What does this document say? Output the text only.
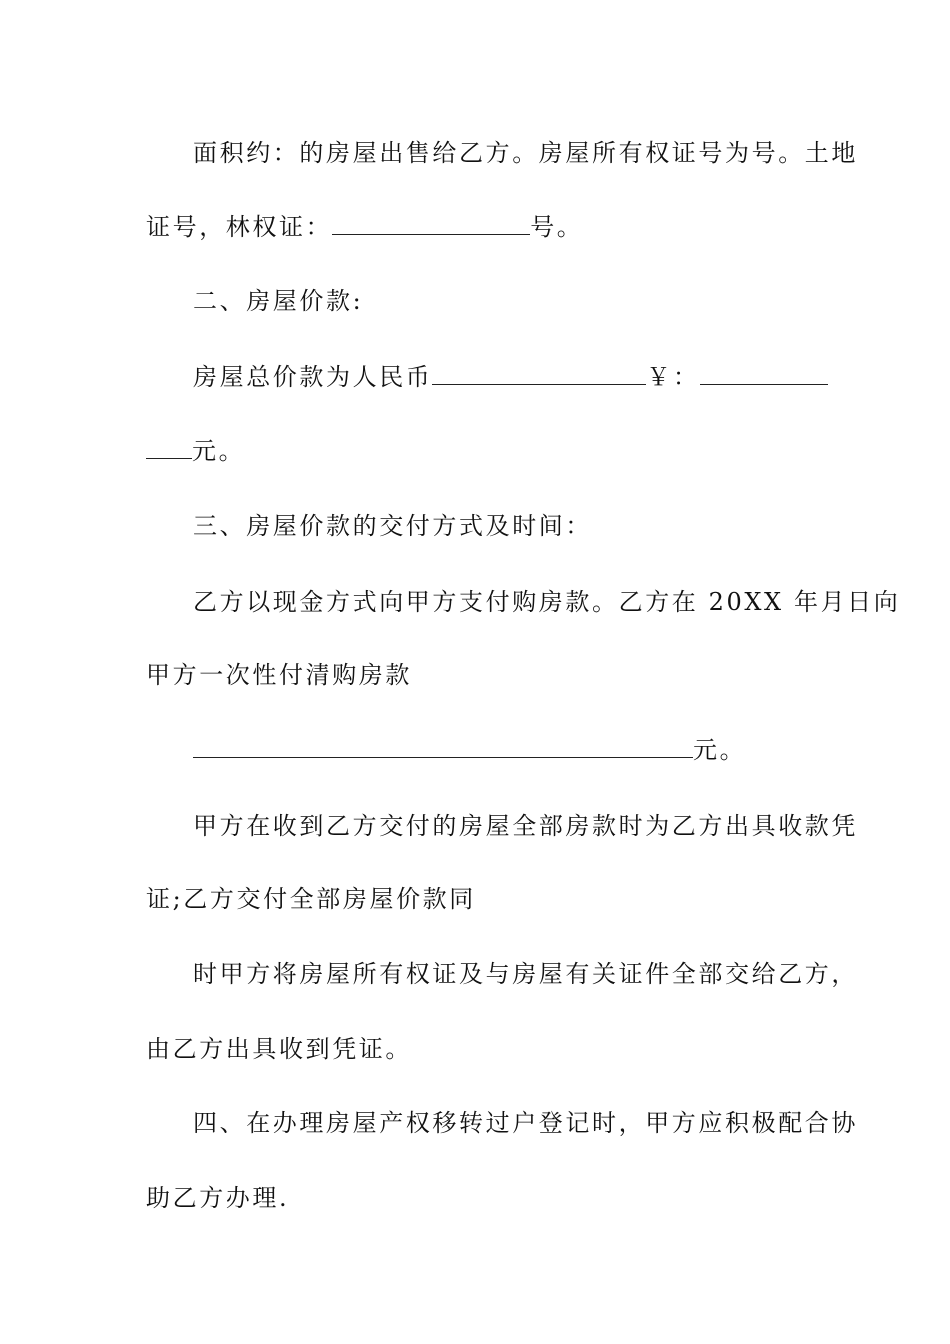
面积约：的房屋出售给乙方。房屋所有权证号为号。土地

证号，林权证：	号。

二、房屋价款:

房屋总价款为人民币	￥：

元。

三、房屋价款的交付方式及时间：

乙方以现金方式向甲方支付购房款。乙方在 20XX 年月日向

甲方一次性付清购房款

元。

甲方在收到乙方交付的房屋全部房款时为乙方出具收款凭

证;乙方交付全部房屋价款同

时甲方将房屋所有权证及与房屋有关证件全部交给乙方，

由乙方出具收到凭证。

四、在办理房屋产权移转过户登记时，甲方应积极配合协

助乙方办理.
